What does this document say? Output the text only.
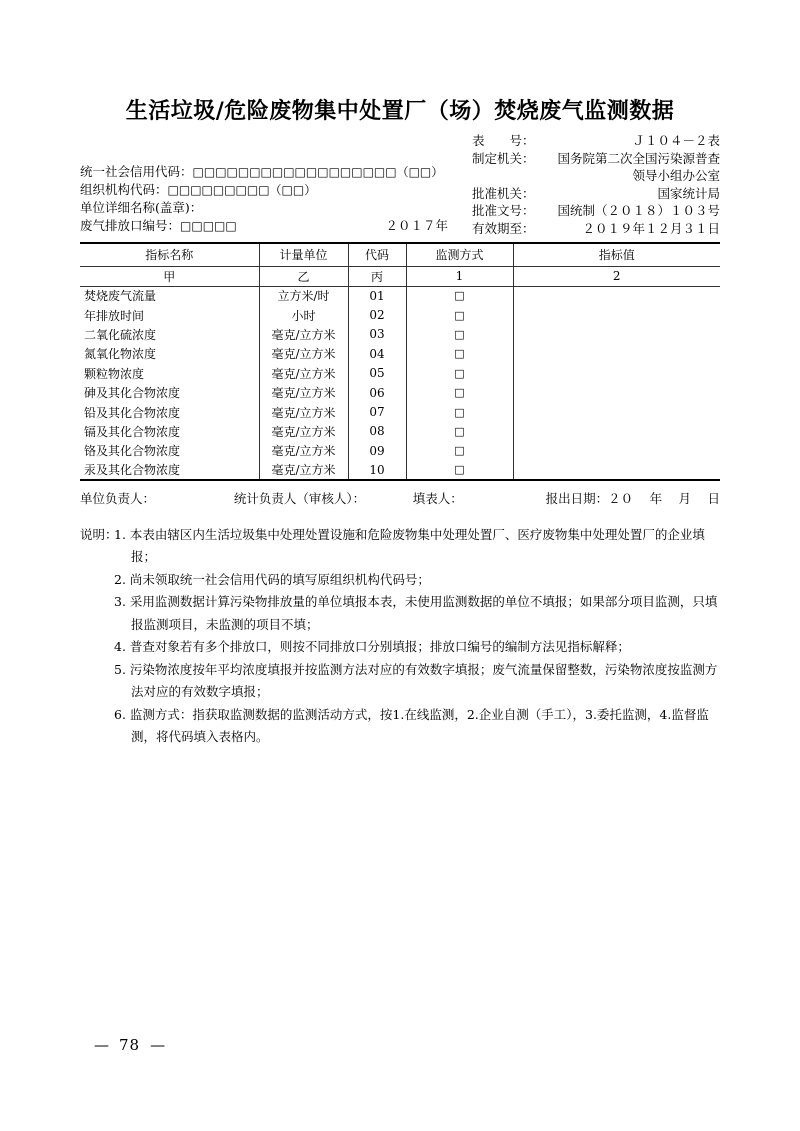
生活垃圾/危险废物集中处置厂（场）焚烧废气监测数据
统一社会信用代码： □□□□□□□□□□□□□□□□□□（□□）
组织机构代码： □□□□□□□□□（□□）
单位详细名称(盖章)：
废气排放口编号： □□□□□	２０１７年
表　　号：	Ｊ１０４－２表
制定机关：	国务院第二次全国污染源普查
领导小组办公室
批准机关：	国家统计局
批准文号：	国统制（２０１８）１０３号
有效期至：	２０１９年１２月３１日
指标名称	计量单位	代码	监测方式	指标值
甲	乙	丙	1	2
焚烧废气流量	立方米/时	01	□	
年排放时间	小时	02	□	
二氧化硫浓度	毫克/立方米	03	□	
氮氧化物浓度	毫克/立方米	04	□	
颗粒物浓度	毫克/立方米	05	□	
砷及其化合物浓度	毫克/立方米	06	□	
铅及其化合物浓度	毫克/立方米	07	□	
镉及其化合物浓度	毫克/立方米	08	□	
铬及其化合物浓度	毫克/立方米	09	□	
汞及其化合物浓度	毫克/立方米	10	□	
单位负责人：	统计负责人（审核人）：	填表人：	报出日期：２０　 年　 月　 日
说明：
1. 本表由辖区内生活垃圾集中处理处置设施和危险废物集中处理处置厂、医疗废物集中处理处置厂的企业填报；
2. 尚未领取统一社会信用代码的填写原组织机构代码号；
3. 采用监测数据计算污染物排放量的单位填报本表，未使用监测数据的单位不填报；如果部分项目监测，只填报监测项目，未监测的项目不填；
4. 普查对象若有多个排放口，则按不同排放口分别填报；排放口编号的编制方法见指标解释；
5. 污染物浓度按年平均浓度填报并按监测方法对应的有效数字填报；废气流量保留整数，污染物浓度按监测方法对应的有效数字填报；
6. 监测方式：指获取监测数据的监测活动方式，按1.在线监测，2.企业自测（手工），3.委托监测，4.监督监测，将代码填入表格内。
— 78 —
